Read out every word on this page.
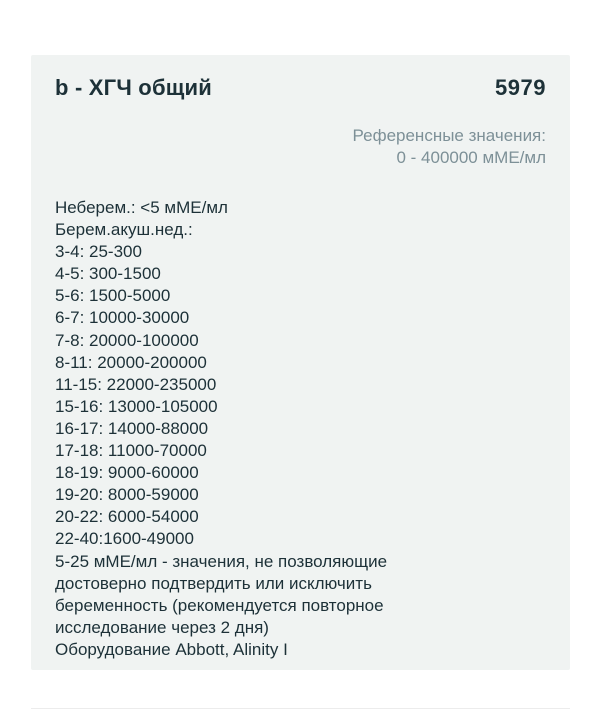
b - ХГЧ общий	5979
Референсные значения:
0 - 400000 мМЕ/мл
Неберем.: <5 мМЕ/мл
Берем.акуш.нед.:
3-4: 25-300
4-5: 300-1500
5-6: 1500-5000
6-7: 10000-30000
7-8: 20000-100000
8-11: 20000-200000
11-15: 22000-235000
15-16: 13000-105000
16-17: 14000-88000
17-18: 11000-70000
18-19: 9000-60000
19-20: 8000-59000
20-22: 6000-54000
22-40:1600-49000
5-25 мМЕ/мл - значения, не позволяющие
достоверно подтвердить или исключить
беременность (рекомендуется повторное
исследование через 2 дня)
Оборудование Abbott, Alinity I
